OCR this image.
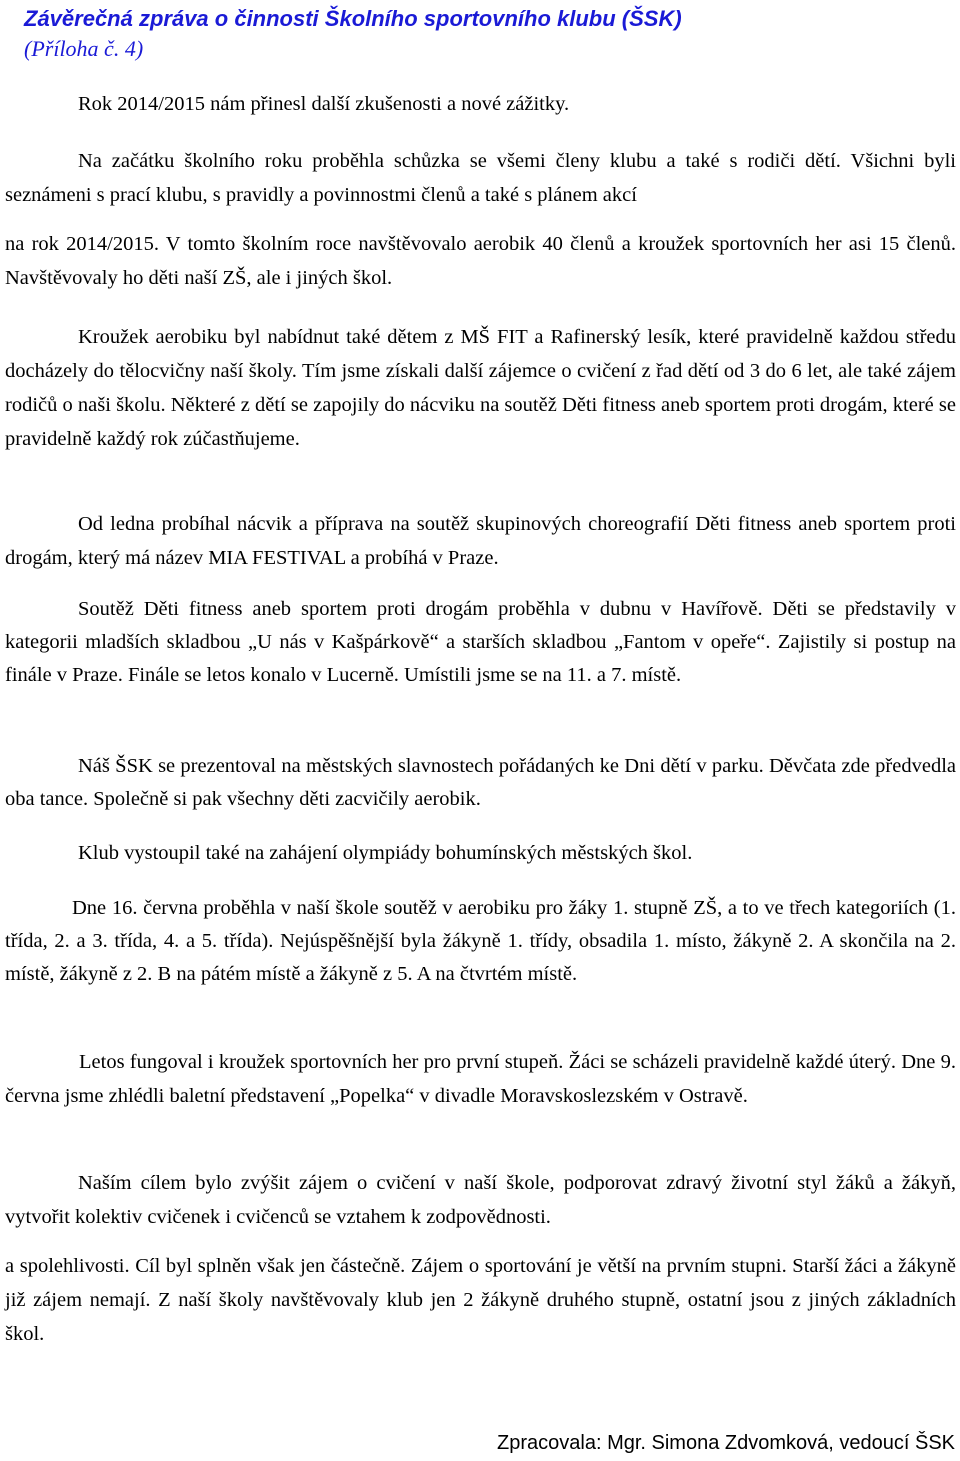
Závěrečná zpráva o činnosti Školního sportovního klubu (ŠSK)
(Příloha č. 4)

Rok 2014/2015 nám přinesl další zkušenosti a nové zážitky.

Na začátku školního roku proběhla schůzka se všemi členy klubu a také s rodiči dětí. Všichni byli seznámeni s prací klubu, s pravidly a povinnostmi členů a také s plánem akcí
na rok 2014/2015. V tomto školním roce navštěvovalo aerobik 40 členů a kroužek sportovních her asi 15 členů. Navštěvovaly ho děti naší ZŠ, ale i jiných škol.

Kroužek aerobiku byl nabídnut také dětem z MŠ FIT a Rafinerský lesík, které pravidelně každou středu docházely do tělocvičny naší školy. Tím jsme získali další zájemce o cvičení z řad dětí od 3 do 6 let, ale také zájem rodičů o naši školu. Některé z dětí se zapojily do nácviku na soutěž Děti fitness aneb sportem proti drogám, které se pravidelně každý rok zúčastňujeme.

Od ledna probíhal nácvik a příprava na soutěž skupinových choreografií Děti fitness aneb sportem proti drogám, který má název MIA FESTIVAL a probíhá v Praze.

Soutěž Děti fitness aneb sportem proti drogám proběhla v dubnu v Havířově. Děti se představily v kategorii mladších skladbou „U nás v Kašpárkově“ a starších skladbou „Fantom v opeře“. Zajistily si postup na finále v Praze. Finále se letos konalo v Lucerně. Umístili jsme se na 11. a 7. místě.

Náš ŠSK se prezentoval na městských slavnostech pořádaných ke Dni dětí v parku. Děvčata zde předvedla oba tance. Společně si pak všechny děti zacvičily aerobik.

Klub vystoupil také na zahájení olympiády bohumínských městských škol.

Dne 16. června proběhla v naší škole soutěž v aerobiku pro žáky 1. stupně ZŠ, a to ve třech kategoriích (1. třída, 2. a 3. třída, 4. a 5. třída). Nejúspěšnější byla žákyně 1. třídy, obsadila 1. místo, žákyně 2. A skončila na 2. místě, žákyně z 2. B na pátém místě a žákyně z 5. A na čtvrtém místě.

Letos fungoval i kroužek sportovních her pro první stupeň. Žáci se scházeli pravidelně každé úterý. Dne 9. června jsme zhlédli baletní představení „Popelka“ v divadle Moravskoslezském v Ostravě.

Naším cílem bylo zvýšit zájem o cvičení v naší škole, podporovat zdravý životní styl žáků a žákyň, vytvořit kolektiv cvičenek i cvičenců se vztahem k zodpovědnosti.
a spolehlivosti. Cíl byl splněn však jen částečně. Zájem o sportování je větší na prvním stupni. Starší žáci a žákyně již zájem nemají. Z naší školy navštěvovaly klub jen 2 žákyně druhého stupně, ostatní jsou z jiných základních škol.

Zpracovala: Mgr. Simona Zdvomková, vedoucí ŠSK
